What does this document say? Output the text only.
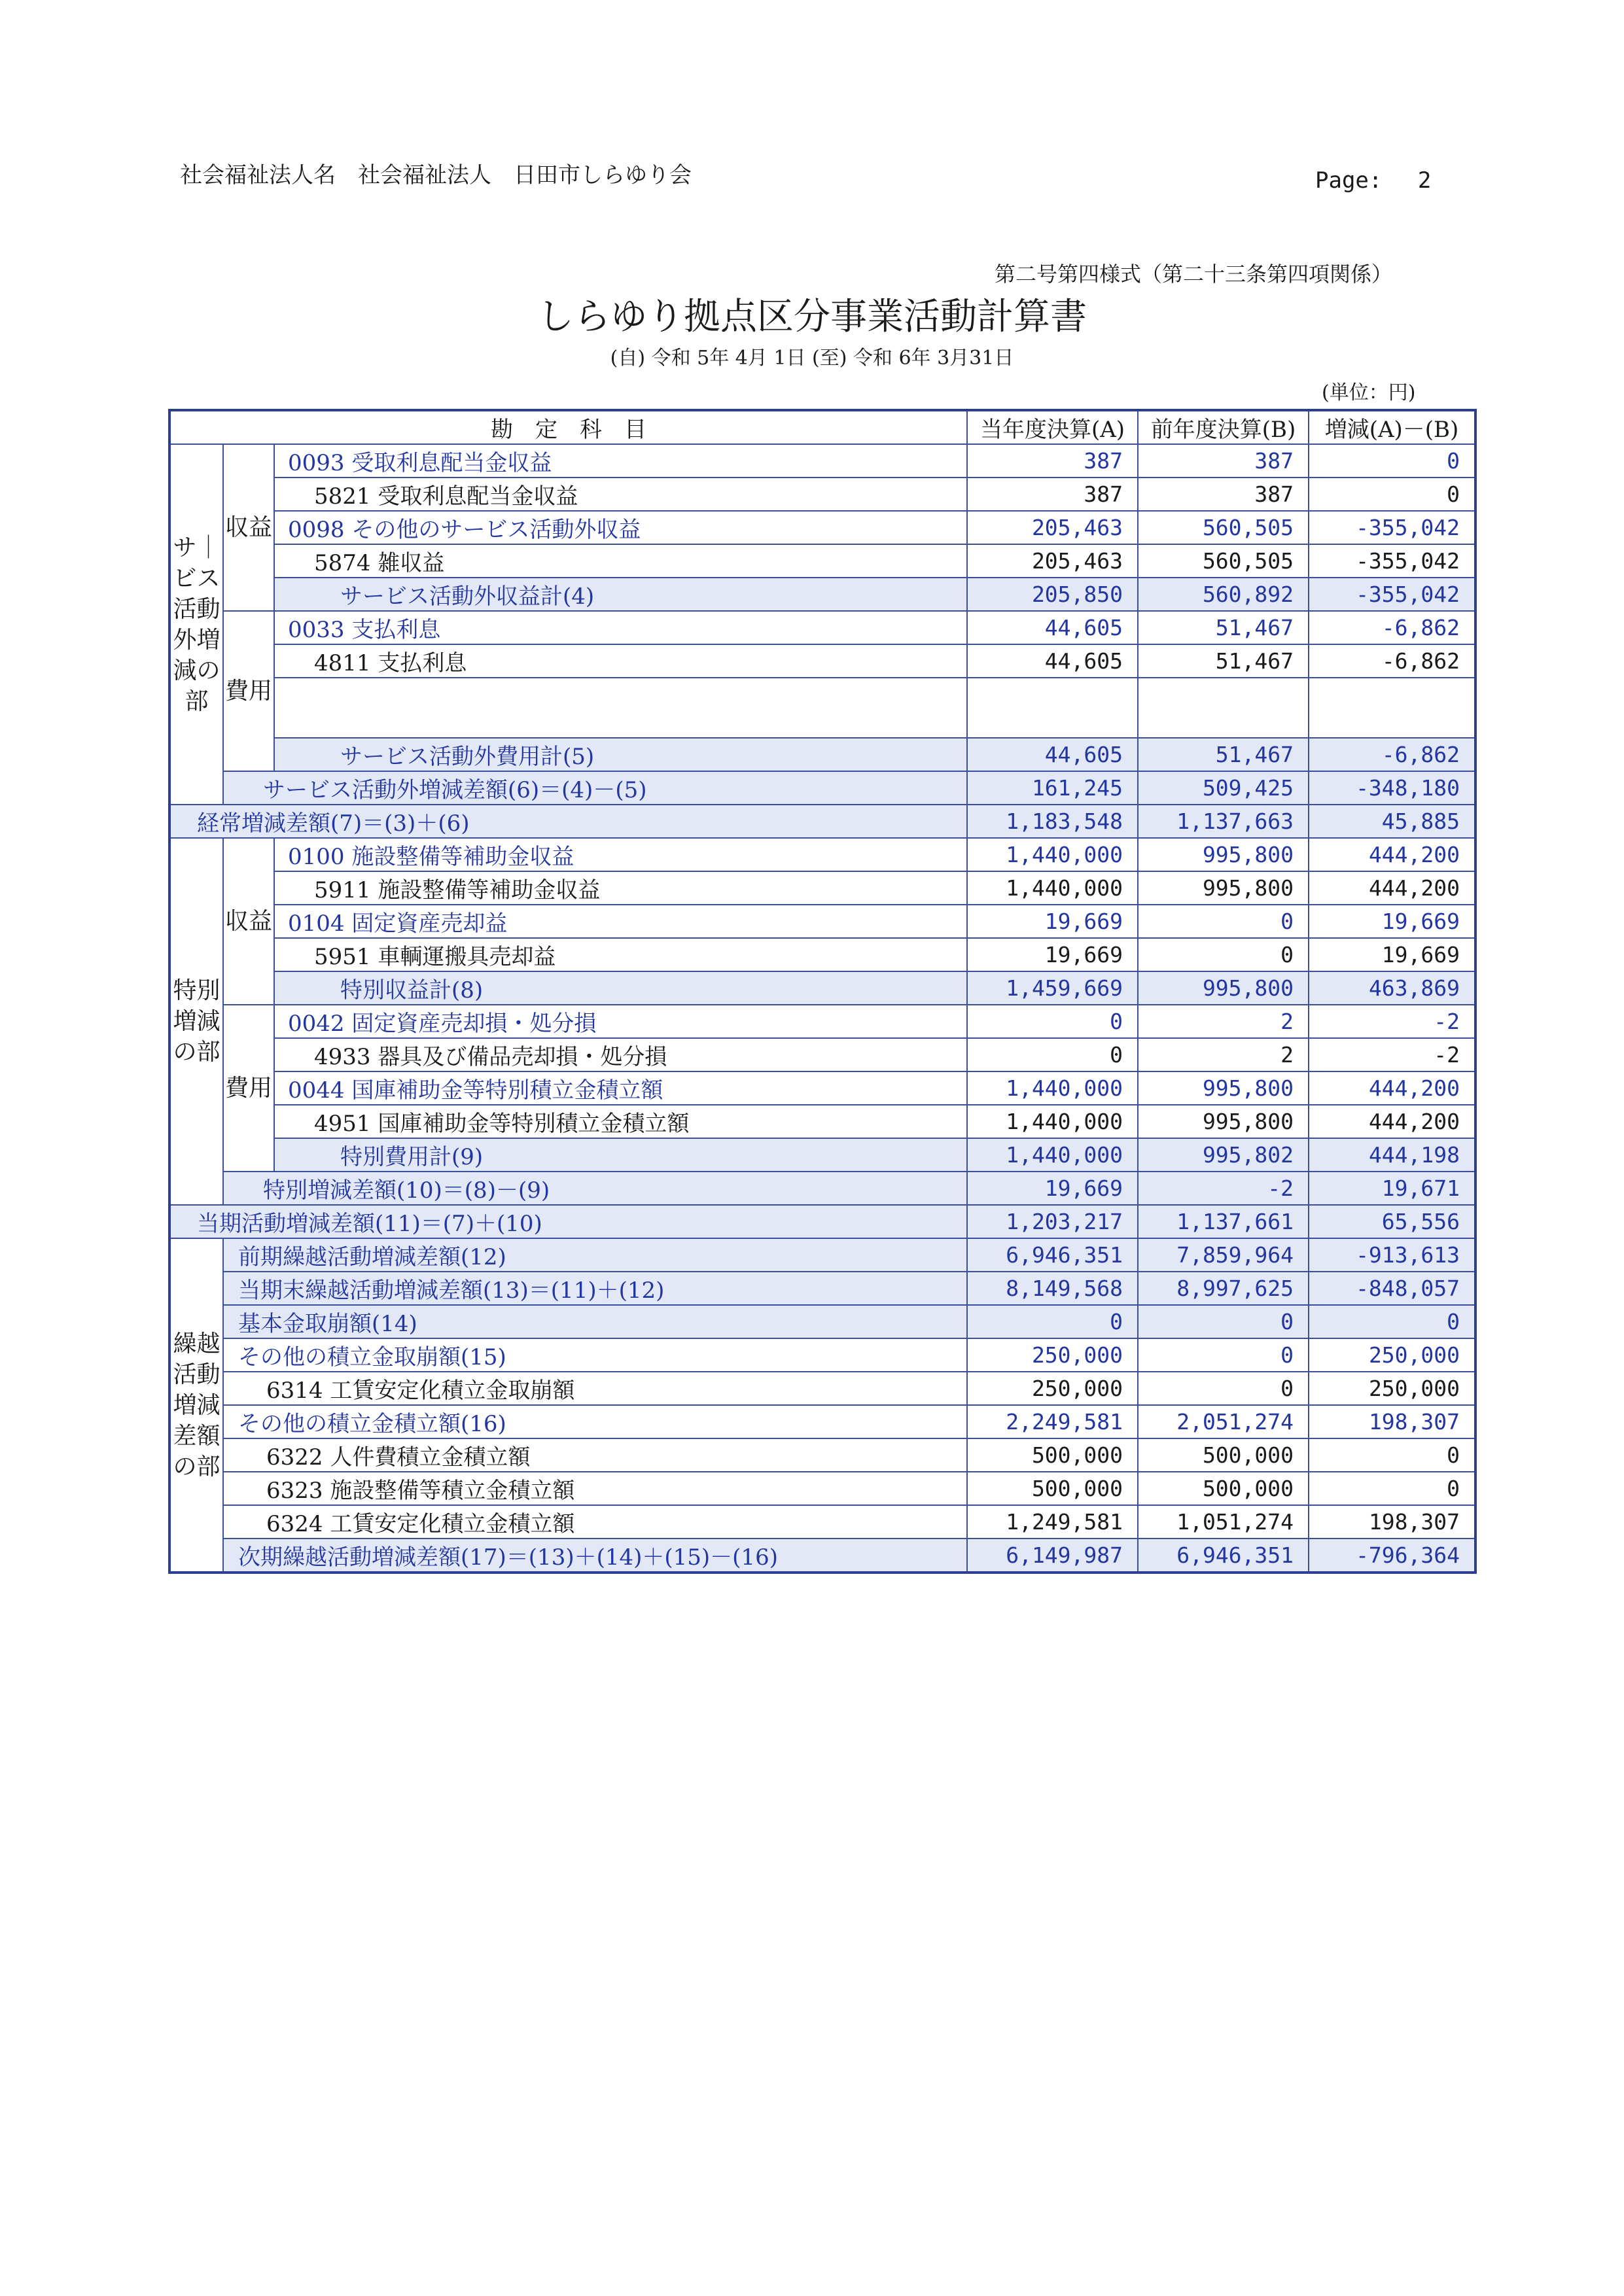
社会福祉法人名　社会福祉法人　日田市しらゆり会	Page:　 2
第二号第四様式（第二十三条第四項関係）
しらゆり拠点区分事業活動計算書
(自) 令和 5年 4月 1日 (至) 令和 6年 3月31日
(単位：円)
勘　定　科　目			当年度決算(A)	前年度決算(B)	増減(A)－(B)
サ｜ビス活動外増減の部	収益	0093 受取利息配当金収益	387	387	0
		5821 受取利息配当金収益	387	387	0
		0098 その他のサービス活動外収益	205,463	560,505	-355,042
		5874 雑収益	205,463	560,505	-355,042
		サービス活動外収益計(4)	205,850	560,892	-355,042
	費用	0033 支払利息	44,605	51,467	-6,862
		4811 支払利息	44,605	51,467	-6,862

		サービス活動外費用計(5)	44,605	51,467	-6,862
	サービス活動外増減差額(6)＝(4)－(5)		161,245	509,425	-348,180
経常増減差額(7)＝(3)＋(6)			1,183,548	1,137,663	45,885
特別増減の部	収益	0100 施設整備等補助金収益	1,440,000	995,800	444,200
		5911 施設整備等補助金収益	1,440,000	995,800	444,200
		0104 固定資産売却益	19,669	0	19,669
		5951 車輌運搬具売却益	19,669	0	19,669
		特別収益計(8)	1,459,669	995,800	463,869
	費用	0042 固定資産売却損・処分損	0	2	-2
		4933 器具及び備品売却損・処分損	0	2	-2
		0044 国庫補助金等特別積立金積立額	1,440,000	995,800	444,200
		4951 国庫補助金等特別積立金積立額	1,440,000	995,800	444,200
		特別費用計(9)	1,440,000	995,802	444,198
	特別増減差額(10)＝(8)－(9)		19,669	-2	19,671
当期活動増減差額(11)＝(7)＋(10)			1,203,217	1,137,661	65,556
繰越活動増減差額の部	前期繰越活動増減差額(12)		6,946,351	7,859,964	-913,613
	当期末繰越活動増減差額(13)＝(11)＋(12)		8,149,568	8,997,625	-848,057
	基本金取崩額(14)		0	0	0
	その他の積立金取崩額(15)		250,000	0	250,000
	6314 工賃安定化積立金取崩額		250,000	0	250,000
	その他の積立金積立額(16)		2,249,581	2,051,274	198,307
	6322 人件費積立金積立額		500,000	500,000	0
	6323 施設整備等積立金積立額		500,000	500,000	0
	6324 工賃安定化積立金積立額		1,249,581	1,051,274	198,307
	次期繰越活動増減差額(17)＝(13)＋(14)＋(15)－(16)		6,149,987	6,946,351	-796,364
